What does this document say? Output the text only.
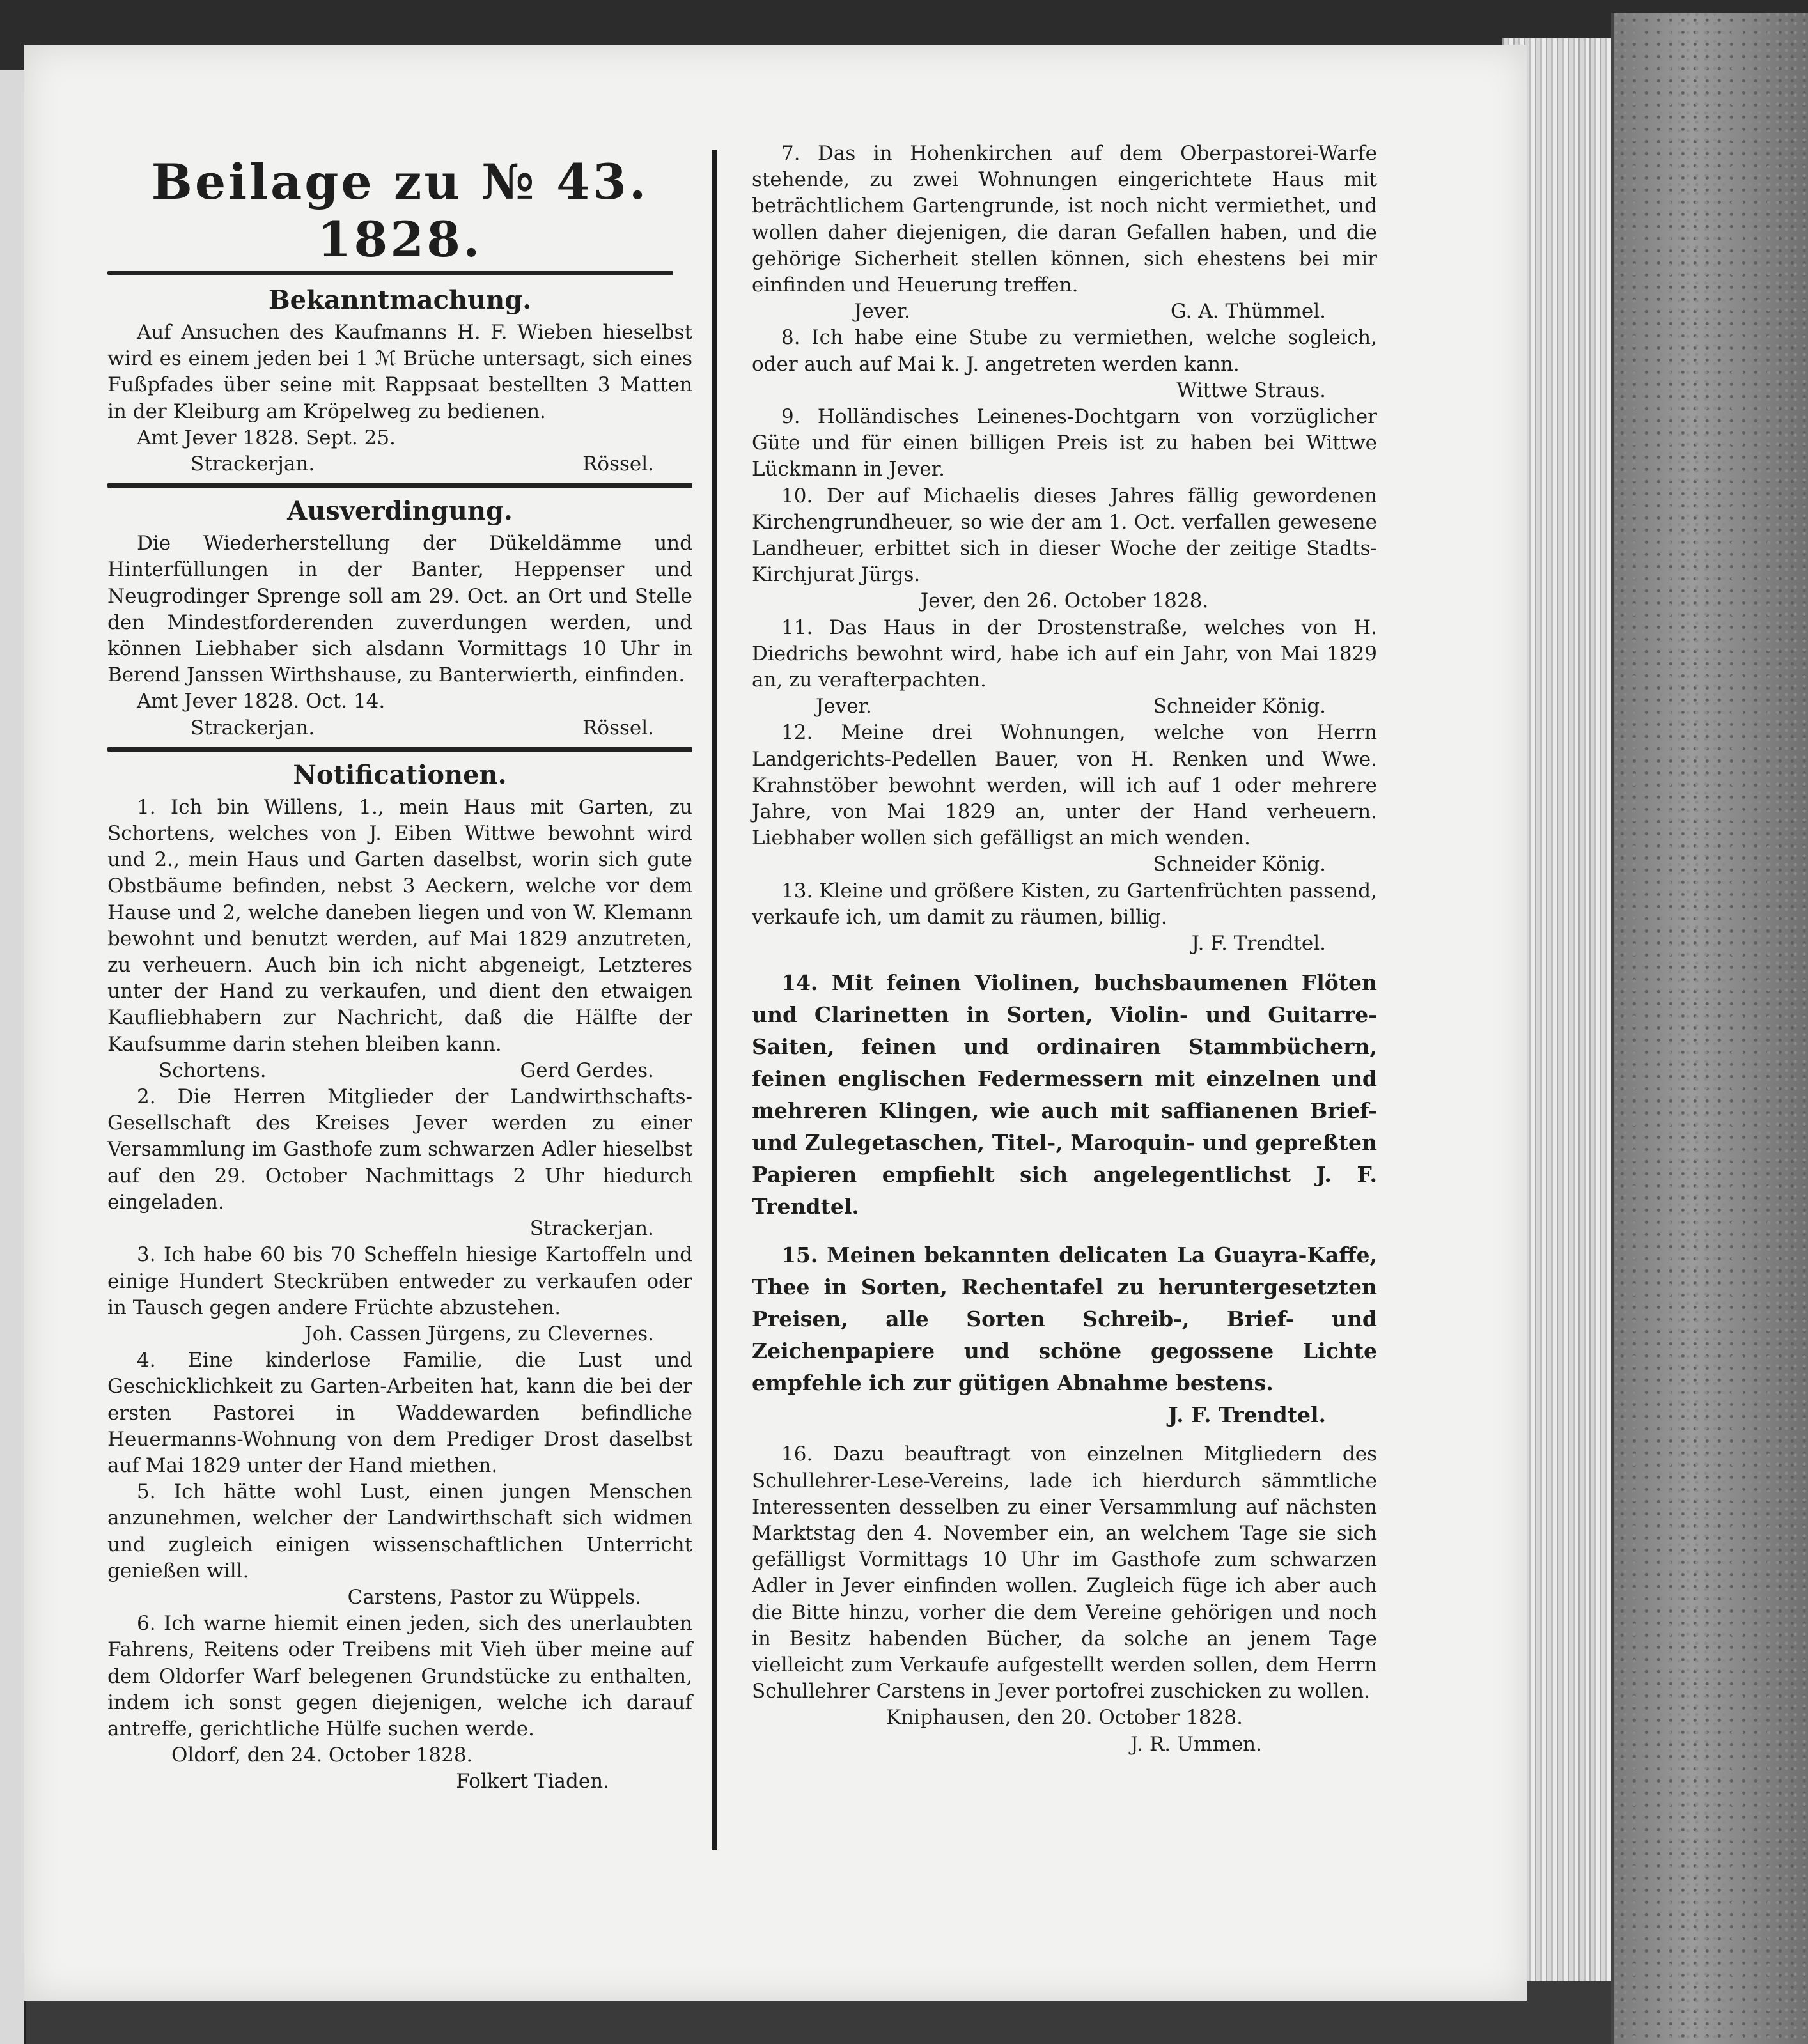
Beilage zu № 43. 1828.
Bekanntmachung.

Auf Ansuchen des Kaufmanns H. F. Wieben hieselbst wird es einem jeden bei 1 ℳ Brüche untersagt, sich eines Fußpfades über seine mit Rappsaat bestellten 3 Matten in der Kleiburg am Kröpelweg zu bedienen.

Amt Jever 1828. Sept. 25.

Strackerjan.	Rössel.
Ausverdingung.

Die Wiederherstellung der Dükeldämme und Hinterfüllungen in der Banter, Heppenser und Neugrodinger Sprenge soll am 29. Oct. an Ort und Stelle den Mindestforderenden zuverdungen werden, und können Liebhaber sich alsdann Vormittags 10 Uhr in Berend Janssen Wirthshause, zu Banterwierth, einfinden.

Amt Jever 1828. Oct. 14.

Strackerjan.	Rössel.
Notificationen.

1. Ich bin Willens, 1., mein Haus mit Garten, zu Schortens, welches von J. Eiben Wittwe bewohnt wird und 2., mein Haus und Garten daselbst, worin sich gute Obstbäume befinden, nebst 3 Aeckern, welche vor dem Hause und 2, welche daneben liegen und von W. Klemann bewohnt und benutzt werden, auf Mai 1829 anzutreten, zu verheuern. Auch bin ich nicht abgeneigt, Letzteres unter der Hand zu verkaufen, und dient den etwaigen Kaufliebhabern zur Nachricht, daß die Hälfte der Kaufsumme darin stehen bleiben kann.

Schortens.	Gerd Gerdes.

2. Die Herren Mitglieder der Landwirthschafts-Gesellschaft des Kreises Jever werden zu einer Versammlung im Gasthofe zum schwarzen Adler hieselbst auf den 29. October Nachmittags 2 Uhr hiedurch eingeladen.

Strackerjan.

3. Ich habe 60 bis 70 Scheffeln hiesige Kartoffeln und einige Hundert Steckrüben entweder zu verkaufen oder in Tausch gegen andere Früchte abzustehen.

Joh. Cassen Jürgens, zu Clevernes.

4. Eine kinderlose Familie, die Lust und Geschicklichkeit zu Garten-Arbeiten hat, kann die bei der ersten Pastorei in Waddewarden befindliche Heuermanns-Wohnung von dem Prediger Drost daselbst auf Mai 1829 unter der Hand miethen.

5. Ich hätte wohl Lust, einen jungen Menschen anzunehmen, welcher der Landwirthschaft sich widmen und zugleich einigen wissenschaftlichen Unterricht genießen will.

Carstens, Pastor zu Wüppels.

6. Ich warne hiemit einen jeden, sich des unerlaubten Fahrens, Reitens oder Treibens mit Vieh über meine auf dem Oldorfer Warf belegenen Grundstücke zu enthalten, indem ich sonst gegen diejenigen, welche ich darauf antreffe, gerichtliche Hülfe suchen werde.

Oldorf, den 24. October 1828.

Folkert Tiaden.

7. Das in Hohenkirchen auf dem Oberpastorei-Warfe stehende, zu zwei Wohnungen eingerichtete Haus mit beträchtlichem Gartengrunde, ist noch nicht vermiethet, und wollen daher diejenigen, die daran Gefallen haben, und die gehörige Sicherheit stellen können, sich ehestens bei mir einfinden und Heuerung treffen.

Jever.	G. A. Thümmel.

8. Ich habe eine Stube zu vermiethen, welche sogleich, oder auch auf Mai k. J. angetreten werden kann.

Wittwe Straus.

9. Holländisches Leinenes-Dochtgarn von vorzüglicher Güte und für einen billigen Preis ist zu haben bei Wittwe Lückmann in Jever.

10. Der auf Michaelis dieses Jahres fällig gewordenen Kirchengrundheuer, so wie der am 1. Oct. verfallen gewesene Landheuer, erbittet sich in dieser Woche der zeitige Stadts-Kirchjurat Jürgs.

Jever, den 26. October 1828.

11. Das Haus in der Drostenstraße, welches von H. Diedrichs bewohnt wird, habe ich auf ein Jahr, von Mai 1829 an, zu verafterpachten.

Jever.	Schneider König.

12. Meine drei Wohnungen, welche von Herrn Landgerichts-Pedellen Bauer, von H. Renken und Wwe. Krahnstöber bewohnt werden, will ich auf 1 oder mehrere Jahre, von Mai 1829 an, unter der Hand verheuern. Liebhaber wollen sich gefälligst an mich wenden.

Schneider König.

13. Kleine und größere Kisten, zu Gartenfrüchten passend, verkaufe ich, um damit zu räumen, billig.

J. F. Trendtel.

14. Mit feinen Violinen, buchsbaumenen Flöten und Clarinetten in Sorten, Violin- und Guitarre-Saiten, feinen und ordinairen Stammbüchern, feinen englischen Federmessern mit einzelnen und mehreren Klingen, wie auch mit saffianenen Brief- und Zulegetaschen, Titel-, Maroquin- und gepreßten Papieren empfiehlt sich angelegentlichst J. F. Trendtel.

15. Meinen bekannten delicaten La Guayra-Kaffe, Thee in Sorten, Rechentafel zu heruntergesetzten Preisen, alle Sorten Schreib-, Brief- und Zeichenpapiere und schöne gegossene Lichte empfehle ich zur gütigen Abnahme bestens.

J. F. Trendtel.

16. Dazu beauftragt von einzelnen Mitgliedern des Schullehrer-Lese-Vereins, lade ich hierdurch sämmtliche Interessenten desselben zu einer Versammlung auf nächsten Marktstag den 4. November ein, an welchem Tage sie sich gefälligst Vormittags 10 Uhr im Gasthofe zum schwarzen Adler in Jever einfinden wollen. Zugleich füge ich aber auch die Bitte hinzu, vorher die dem Vereine gehörigen und noch in Besitz habenden Bücher, da solche an jenem Tage vielleicht zum Verkaufe aufgestellt werden sollen, dem Herrn Schullehrer Carstens in Jever portofrei zuschicken zu wollen.

Kniphausen, den 20. October 1828.

J. R. Ummen.
